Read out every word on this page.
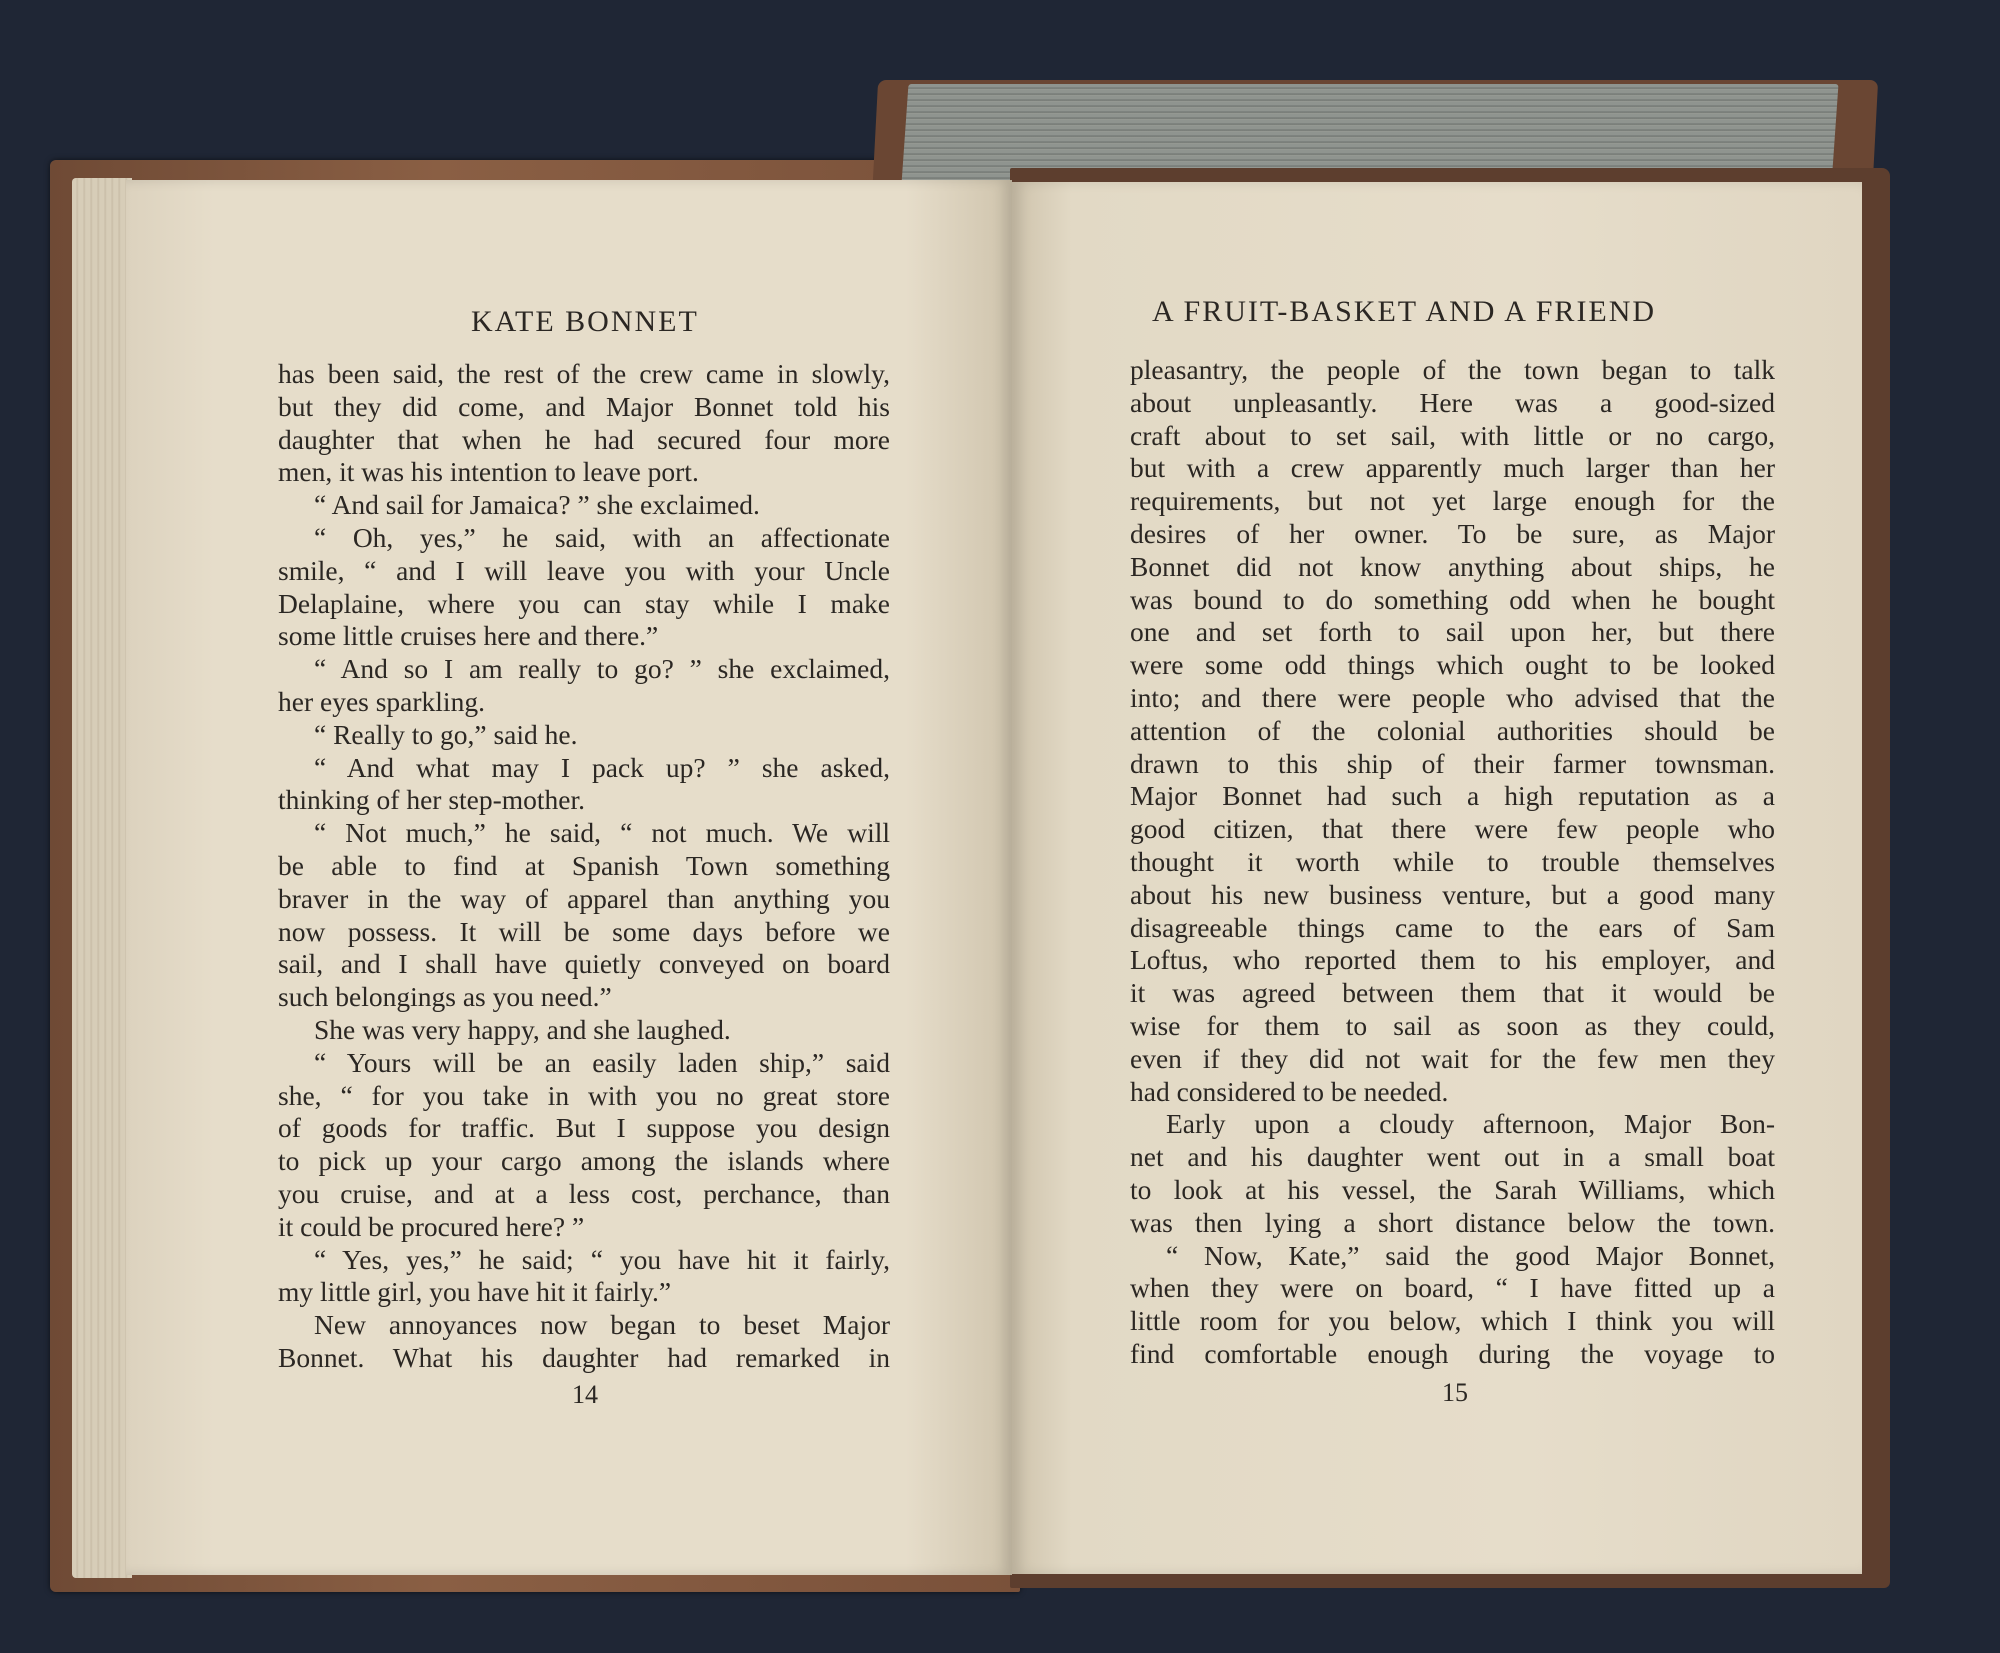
KATE BONNET
has been said, the rest of the crew came in slowly,
but they did come, and Major Bonnet told his
daughter that when he had secured four more
men, it was his intention to leave port.
“ And sail for Jamaica? ” she exclaimed.
“ Oh, yes,” he said, with an affectionate
smile, “ and I will leave you with your Uncle
Delaplaine, where you can stay while I make
some little cruises here and there.”
“ And so I am really to go? ” she exclaimed,
her eyes sparkling.
“ Really to go,” said he.
“ And what may I pack up? ” she asked,
thinking of her step-mother.
“ Not much,” he said, “ not much. We will
be able to find at Spanish Town something
braver in the way of apparel than anything you
now possess. It will be some days before we
sail, and I shall have quietly conveyed on board
such belongings as you need.”
She was very happy, and she laughed.
“ Yours will be an easily laden ship,” said
she, “ for you take in with you no great store
of goods for traffic. But I suppose you design
to pick up your cargo among the islands where
you cruise, and at a less cost, perchance, than
it could be procured here? ”
“ Yes, yes,” he said; “ you have hit it fairly,
my little girl, you have hit it fairly.”
New annoyances now began to beset Major
Bonnet. What his daughter had remarked in
14
A FRUIT-BASKET AND A FRIEND
pleasantry, the people of the town began to talk
about unpleasantly. Here was a good-sized
craft about to set sail, with little or no cargo,
but with a crew apparently much larger than her
requirements, but not yet large enough for the
desires of her owner. To be sure, as Major
Bonnet did not know anything about ships, he
was bound to do something odd when he bought
one and set forth to sail upon her, but there
were some odd things which ought to be looked
into; and there were people who advised that the
attention of the colonial authorities should be
drawn to this ship of their farmer townsman.
Major Bonnet had such a high reputation as a
good citizen, that there were few people who
thought it worth while to trouble themselves
about his new business venture, but a good many
disagreeable things came to the ears of Sam
Loftus, who reported them to his employer, and
it was agreed between them that it would be
wise for them to sail as soon as they could,
even if they did not wait for the few men they
had considered to be needed.
Early upon a cloudy afternoon, Major Bon-
net and his daughter went out in a small boat
to look at his vessel, the Sarah Williams, which
was then lying a short distance below the town.
“ Now, Kate,” said the good Major Bonnet,
when they were on board, “ I have fitted up a
little room for you below, which I think you will
find comfortable enough during the voyage to
15
